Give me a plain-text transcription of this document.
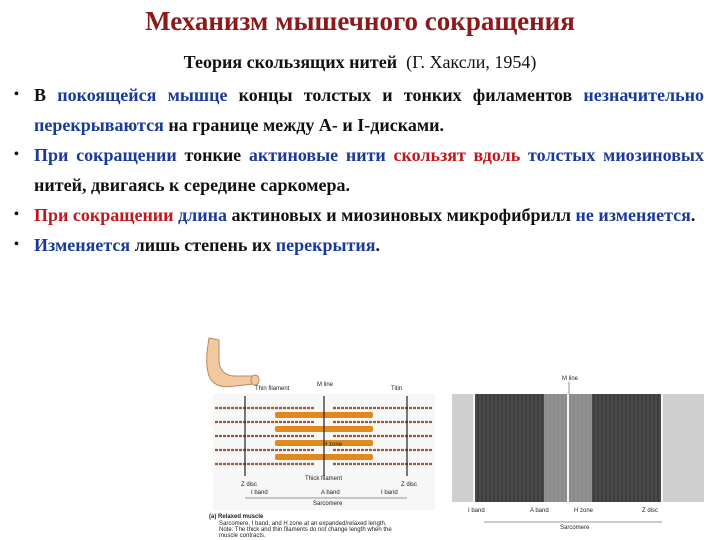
Механизм мышечного сокращения
Теория скользящих нитей (Г. Хаксли, 1954)
• В покоящейся мышце концы толстых и тонких филаментов незначительно перекрываются на границе между А- и I-дисками.
• При сокращении тонкие актиновые нити скользят вдоль толстых миозиновых нитей, двигаясь к середине саркомера.
• При сокращении длина актиновых и миозиновых микрофибрилл не изменяется.
• Изменяется лишь степень их перекрытия.
Thin filament
M line
Titin
H zone
Thick filament
Z disc	Z disc
I band	A band	I band
Sarcomere
(a) Relaxed muscle
Sarcomere, I band, and H zone at an expanded/relaxed length.
Note: The thick and thin filaments do not change length when the
muscle contracts.
M line
I band	A band	H zone	Z disc
Sarcomere
